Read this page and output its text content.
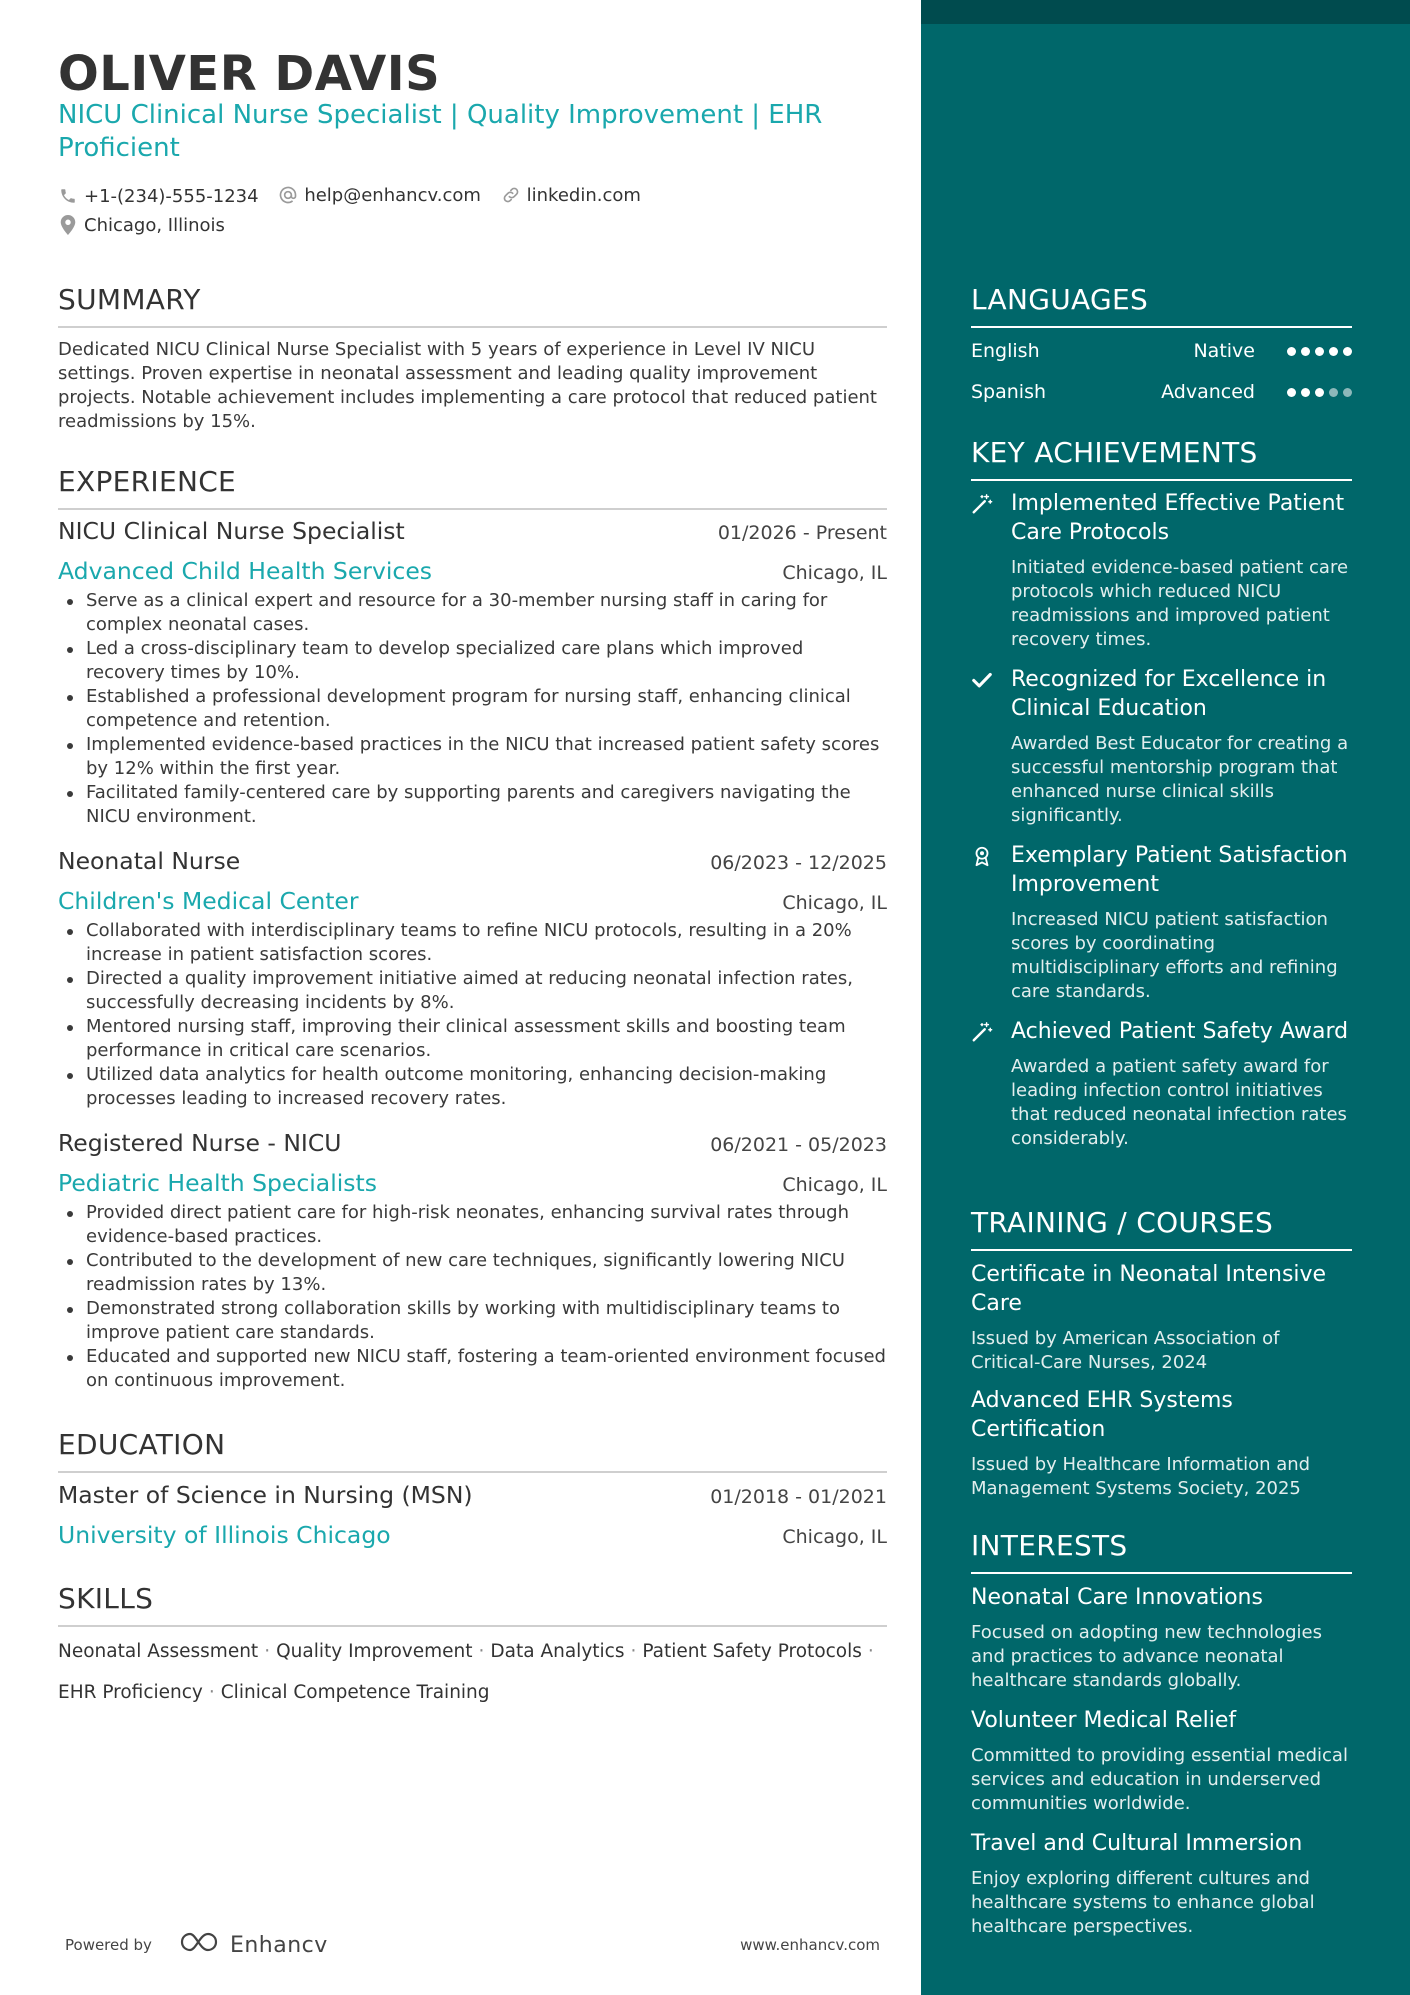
OLIVER DAVIS
NICU Clinical Nurse Specialist | Quality Improvement | EHR Proficient
+1-(234)-555-1234
	help@enhancv.com
	linkedin.com
Chicago, Illinois
SUMMARY
Dedicated NICU Clinical Nurse Specialist with 5 years of experience in Level IV NICU settings. Proven expertise in neonatal assessment and leading quality improvement projects. Notable achievement includes implementing a care protocol that reduced patient readmissions by 15%.
EXPERIENCE
NICU Clinical Nurse Specialist	01/2026 - Present
Advanced Child Health Services	Chicago, IL
Serve as a clinical expert and resource for a 30-member nursing staff in caring for complex neonatal cases.
Led a cross-disciplinary team to develop specialized care plans which improved recovery times by 10%.
Established a professional development program for nursing staff, enhancing clinical competence and retention.
Implemented evidence-based practices in the NICU that increased patient safety scores by 12% within the first year.
Facilitated family-centered care by supporting parents and caregivers navigating the NICU environment.
Neonatal Nurse	06/2023 - 12/2025
Children's Medical Center	Chicago, IL
Collaborated with interdisciplinary teams to refine NICU protocols, resulting in a 20% increase in patient satisfaction scores.
Directed a quality improvement initiative aimed at reducing neonatal infection rates, successfully decreasing incidents by 8%.
Mentored nursing staff, improving their clinical assessment skills and boosting team performance in critical care scenarios.
Utilized data analytics for health outcome monitoring, enhancing decision-making processes leading to increased recovery rates.
Registered Nurse - NICU	06/2021 - 05/2023
Pediatric Health Specialists	Chicago, IL
Provided direct patient care for high-risk neonates, enhancing survival rates through evidence-based practices.
Contributed to the development of new care techniques, significantly lowering NICU readmission rates by 13%.
Demonstrated strong collaboration skills by working with multidisciplinary teams to improve patient care standards.
Educated and supported new NICU staff, fostering a team-oriented environment focused on continuous improvement.
EDUCATION
Master of Science in Nursing (MSN)	01/2018 - 01/2021
University of Illinois Chicago	Chicago, IL
SKILLS
Neonatal Assessment · Quality Improvement · Data Analytics · Patient Safety Protocols ·
EHR Proficiency · Clinical Competence Training
Powered by	Enhancv	www.enhancv.com
LANGUAGES
English	Native
Spanish	Advanced
KEY ACHIEVEMENTS
Implemented Effective Patient Care Protocols
Initiated evidence-based patient care protocols which reduced NICU readmissions and improved patient recovery times.
Recognized for Excellence in Clinical Education
Awarded Best Educator for creating a successful mentorship program that enhanced nurse clinical skills significantly.
Exemplary Patient Satisfaction Improvement
Increased NICU patient satisfaction scores by coordinating multidisciplinary efforts and refining care standards.
Achieved Patient Safety Award
Awarded a patient safety award for leading infection control initiatives that reduced neonatal infection rates considerably.
TRAINING / COURSES
Certificate in Neonatal Intensive Care
Issued by American Association of Critical-Care Nurses, 2024
Advanced EHR Systems Certification
Issued by Healthcare Information and Management Systems Society, 2025
INTERESTS
Neonatal Care Innovations
Focused on adopting new technologies and practices to advance neonatal healthcare standards globally.
Volunteer Medical Relief
Committed to providing essential medical services and education in underserved communities worldwide.
Travel and Cultural Immersion
Enjoy exploring different cultures and healthcare systems to enhance global healthcare perspectives.
